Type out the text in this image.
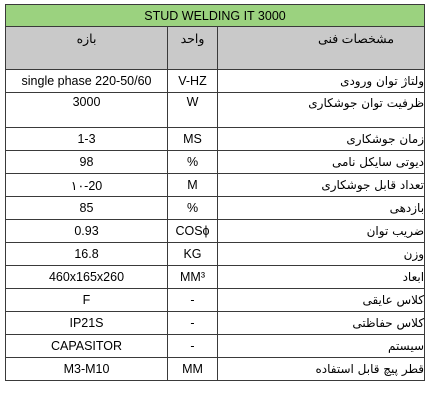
STUD WELDING IT 3000		
بازه	واحد	مشخصات فنی
single phase 220-50/60	V-HZ	ولتاژ توان ورودی
3000	W	ظرفیت توان جوشکاری
1-3	MS	زمان جوشکاری
98	%	دیوتی سایکل نامی
۱۰-20	M	تعداد قابل جوشکاری
85	%	بازدهی
0.93	COSϕ	ضریب توان
16.8	KG	وزن
460x165x260	MM³	ابعاد
F	-	کلاس عایقی
IP21S	-	کلاس حفاظتی
CAPASITOR	-	سیستم
M3-M10	MM	قطر پیچ قابل استفاده
